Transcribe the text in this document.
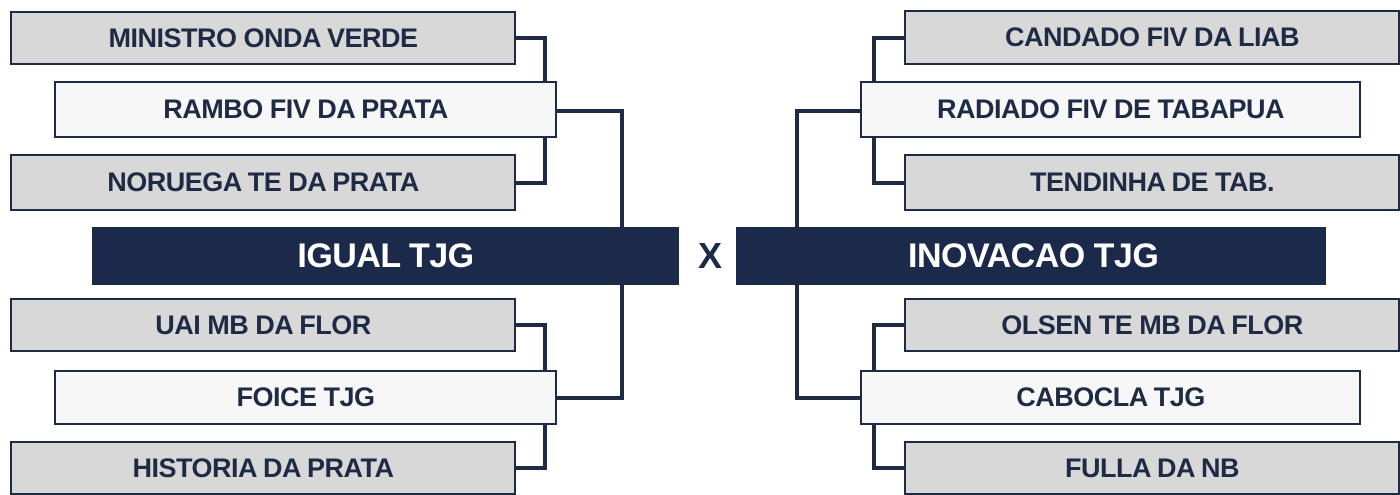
MINISTRO ONDA VERDE
RAMBO FIV DA PRATA
NORUEGA TE DA PRATA
IGUAL TJG
UAI MB DA FLOR
FOICE TJG
HISTORIA DA PRATA
X
CANDADO FIV DA LIAB
RADIADO FIV DE TABAPUA
TENDINHA DE TAB.
INOVACAO TJG
OLSEN TE MB DA FLOR
CABOCLA TJG
FULLA DA NB
